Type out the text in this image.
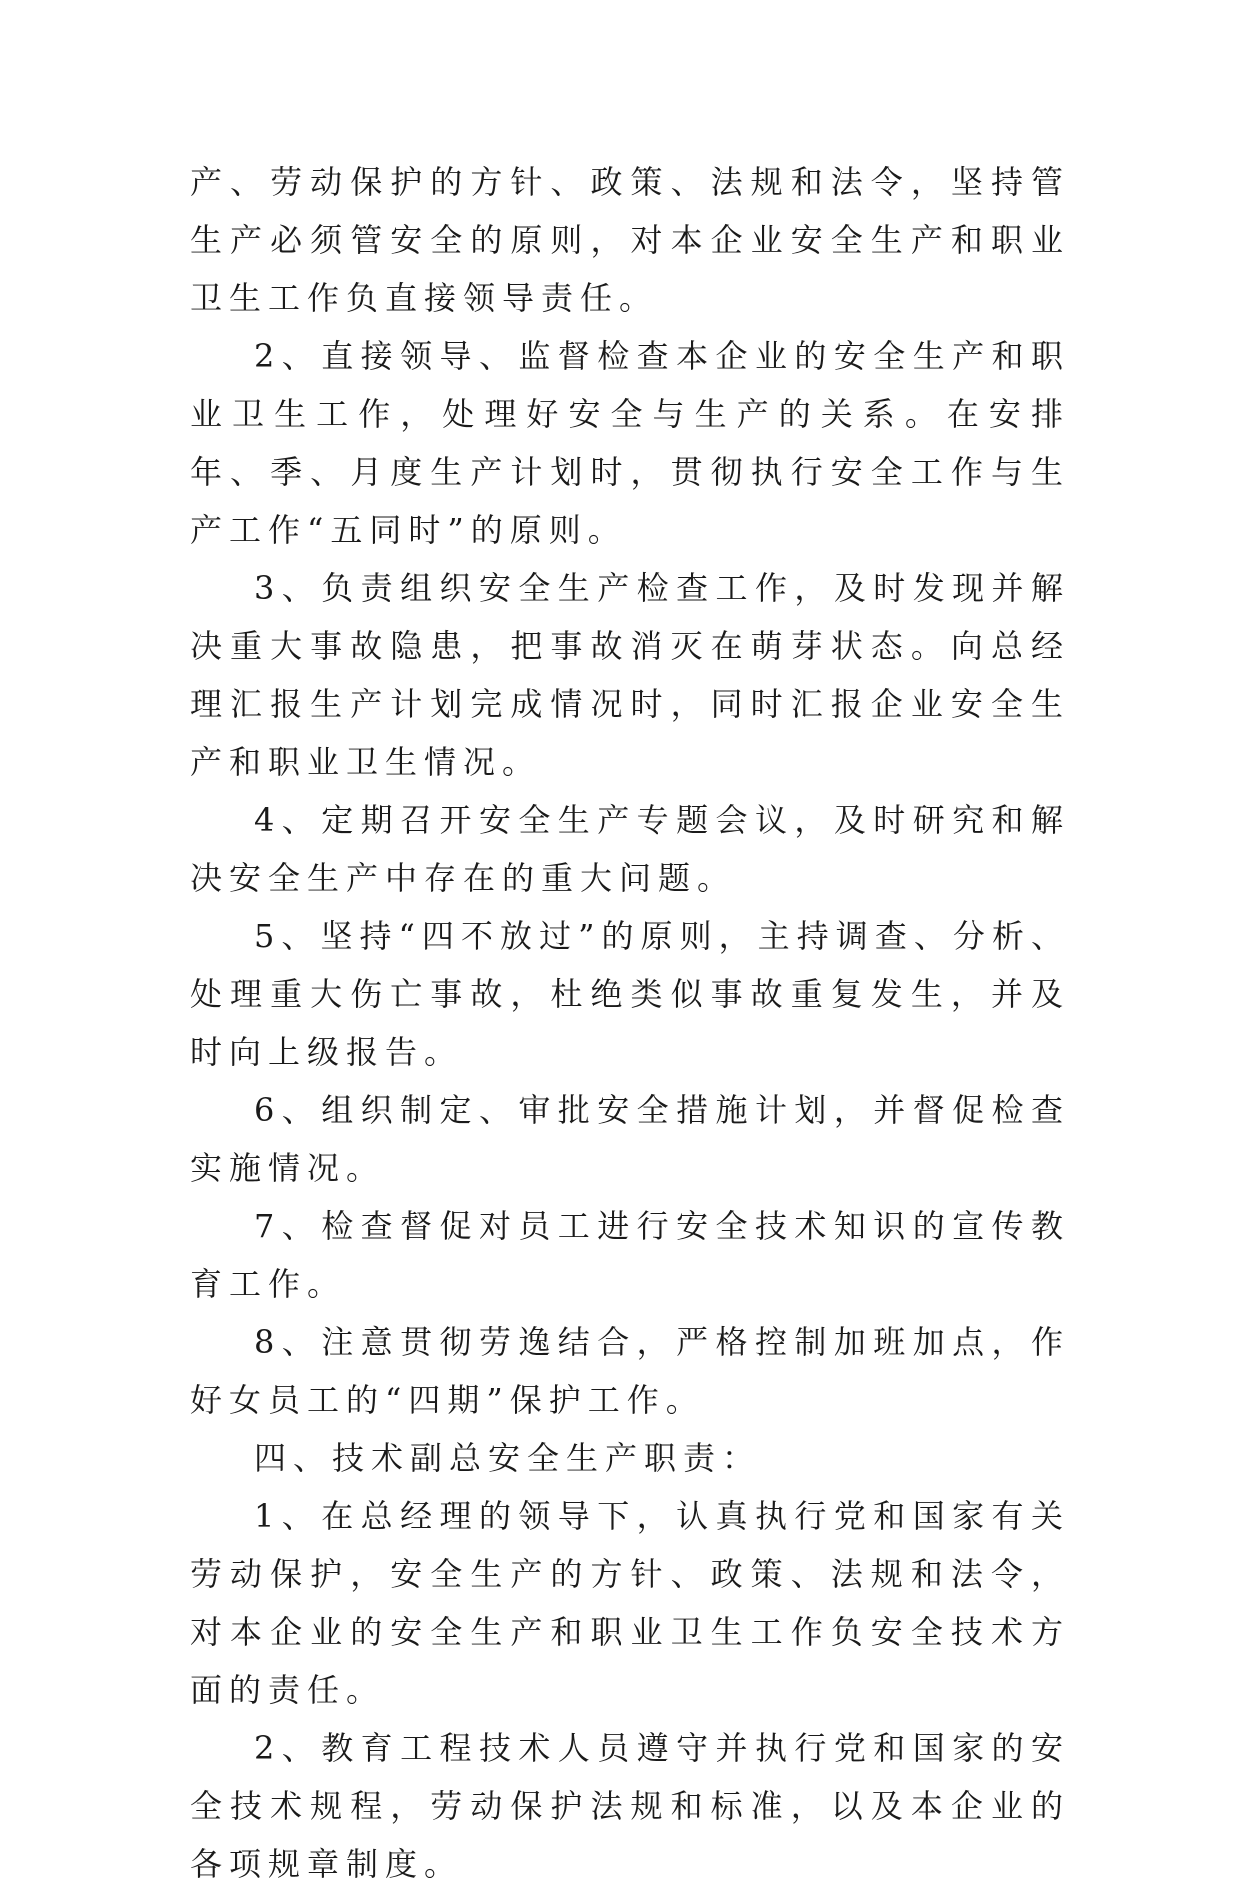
产、劳动保护的方针、政策、法规和法令，坚持管生产必须管安全的原则，对本企业安全生产和职业卫生工作负直接领导责任。

2、直接领导、监督检查本企业的安全生产和职业卫生工作，处理好安全与生产的关系。在安排年、季、月度生产计划时，贯彻执行安全工作与生产工作“五同时”的原则。

3、负责组织安全生产检查工作，及时发现并解决重大事故隐患，把事故消灭在萌芽状态。向总经理汇报生产计划完成情况时，同时汇报企业安全生产和职业卫生情况。

4、定期召开安全生产专题会议，及时研究和解决安全生产中存在的重大问题。

5、坚持“四不放过”的原则，主持调查、分析、处理重大伤亡事故，杜绝类似事故重复发生，并及时向上级报告。

6、组织制定、审批安全措施计划，并督促检查实施情况。

7、检查督促对员工进行安全技术知识的宣传教育工作。

8、注意贯彻劳逸结合，严格控制加班加点，作好女员工的“四期”保护工作。

四、技术副总安全生产职责：

1、在总经理的领导下，认真执行党和国家有关劳动保护，安全生产的方针、政策、法规和法令，对本企业的安全生产和职业卫生工作负安全技术方面的责任。

2、教育工程技术人员遵守并执行党和国家的安全技术规程，劳动保护法规和标准，以及本企业的各项规章制度。
